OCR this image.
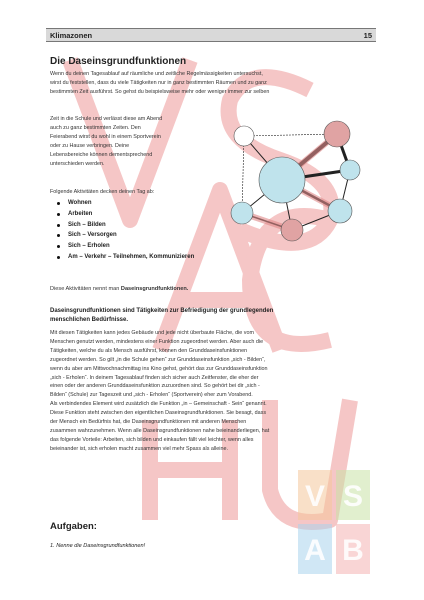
Klimazonen	15
Die Daseinsgrundfunktionen
Wenn du deinen Tagesablauf auf räumliche und zeitliche Regelmässigkeiten untersuchst,
wirst du feststellen, dass du viele Tätigkeiten nur in ganz bestimmten Räumen und zu ganz
bestimmten Zeit ausführst. So gehst du beispielsweise mehr oder weniger immer zur selben
Zeit in die Schule und verlässt diese am Abend
auch zu ganz bestimmten Zeiten. Den
Feierabend wirst du wohl in einem Sportverein
oder zu Hause verbringen. Deine
Lebensbereiche können dementsprechend
unterschieden werden.
Folgende Aktivitäten decken deinen Tag ab:
Wohnen
Arbeiten
Sich – Bilden
Sich – Versorgen
Sich – Erholen
Am – Verkehr – Teilnehmen, Kommunizieren
Diese Aktivitäten nennt man Daseinsgrundfunktionen.
Daseinsgrundfunktionen sind Tätigkeiten zur Befriedigung der grundlegenden
menschlichen Bedürfnisse.
Mit diesen Tätigkeiten kann jedes Gebäude und jede nicht überbaute Fläche, die vom
Menschen genutzt werden, mindestens einer Funktion zugeordnet werden. Aber auch die
Tätigkeiten, welche du als Mensch ausführst, können den Grunddaseinsfunktionen
zugeordnet werden. So gilt „in die Schule gehen“ zur Grunddaseinsfunktion „sich - Bilden“,
wenn du aber am Mittwochnachmittag ins Kino gehst, gehört das zur Grunddaseinsfunktion
„sich - Erholen“. In deinem Tagesablauf finden sich sicher auch Zeitfenster, die eher der
einen oder der anderen Grunddaseinsfunktion zuzuordnen sind. So gehört bei dir „sich -
Bilden“ (Schule) zur Tageszeit und „sich - Erholen“ (Sportverein) eher zum Vorabend.
Als verbindendes Element wird zusätzlich die Funktion „in – Gemeinschaft - Sein“ genannt.
Diese Funktion steht zwischen den eigentlichen Daseinsgrundfunktionen. Sie besagt, dass
der Mensch ein Bedürfnis hat, die Daseinsgrundfunktionen mit anderen Menschen
zusammen wahrzunehmen. Wenn alle Daseinsgrundfunktionen nahe beieinanderliegen, hat
das folgende Vorteile: Arbeiten, sich bilden und einkaufen fällt viel leichter, wenn alles
beieinander ist, sich erholen macht zusammen viel mehr Spass als alleine.
V S
A B
Aufgaben:
1. Nenne die Daseinsgrundfunktionen!
